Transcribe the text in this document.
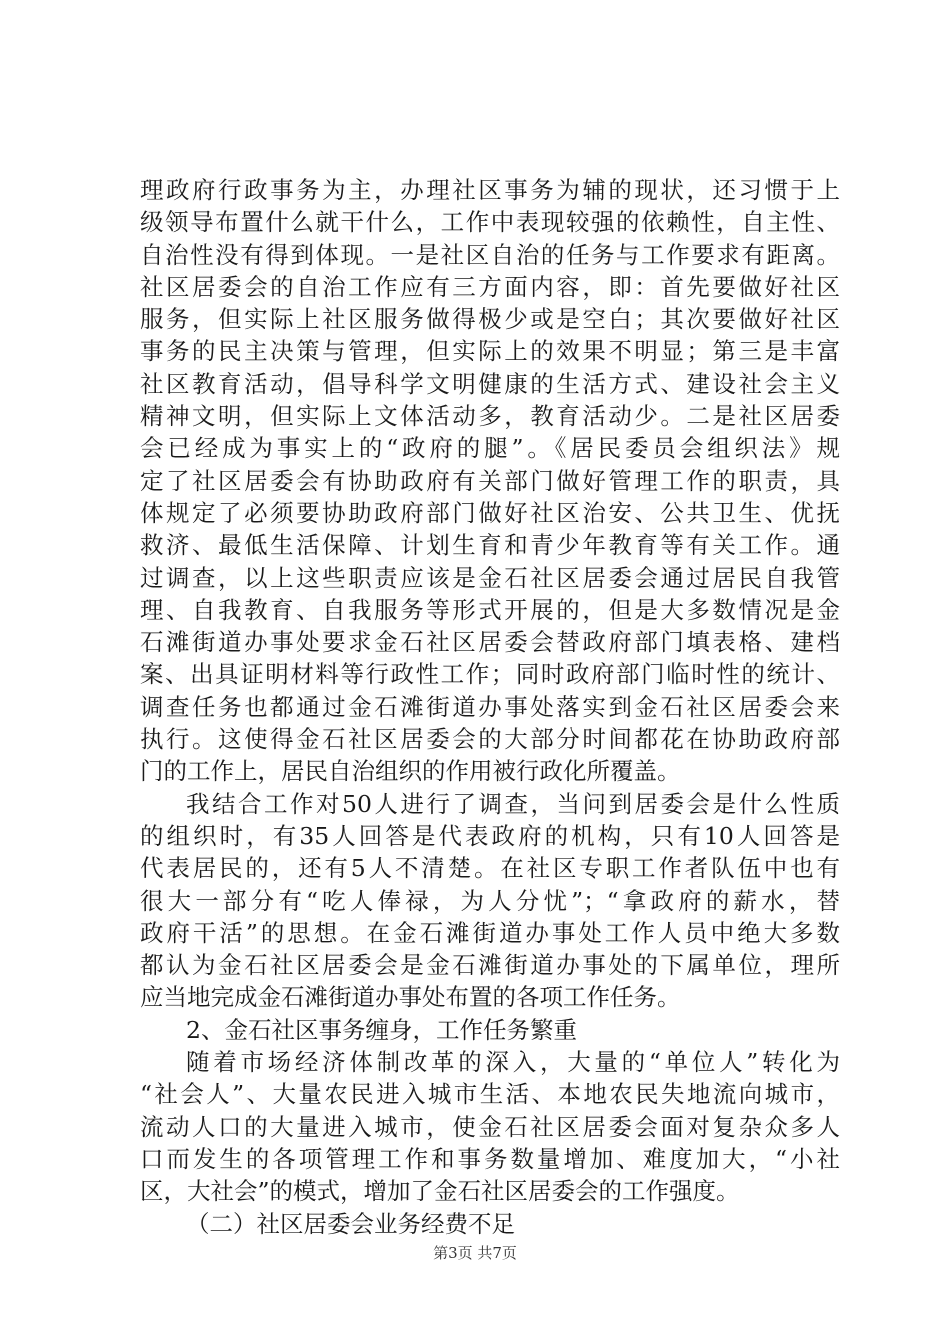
理政府行政事务为主，办理社区事务为辅的现状，还习惯于上
级领导布置什么就干什么，工作中表现较强的依赖性，自主性、
自治性没有得到体现。一是社区自治的任务与工作要求有距离。
社区居委会的自治工作应有三方面内容，即：首先要做好社区
服务，但实际上社区服务做得极少或是空白；其次要做好社区
事务的民主决策与管理，但实际上的效果不明显；第三是丰富
社区教育活动，倡导科学文明健康的生活方式、建设社会主义
精神文明，但实际上文体活动多，教育活动少。二是社区居委
会已经成为事实上的“政府的腿”。《居民委员会组织法》规
定了社区居委会有协助政府有关部门做好管理工作的职责，具
体规定了必须要协助政府部门做好社区治安、公共卫生、优抚
救济、最低生活保障、计划生育和青少年教育等有关工作。通
过调查，以上这些职责应该是金石社区居委会通过居民自我管
理、自我教育、自我服务等形式开展的，但是大多数情况是金
石滩街道办事处要求金石社区居委会替政府部门填表格、建档
案、出具证明材料等行政性工作；同时政府部门临时性的统计、
调查任务也都通过金石滩街道办事处落实到金石社区居委会来
执行。这使得金石社区居委会的大部分时间都花在协助政府部
门的工作上，居民自治组织的作用被行政化所覆盖。
我结合工作对50人进行了调查，当问到居委会是什么性质
的组织时，有35人回答是代表政府的机构，只有10人回答是
代表居民的，还有5人不清楚。在社区专职工作者队伍中也有
很大一部分有“吃人俸禄，为人分忧”；“拿政府的薪水，替
政府干活”的思想。在金石滩街道办事处工作人员中绝大多数
都认为金石社区居委会是金石滩街道办事处的下属单位，理所
应当地完成金石滩街道办事处布置的各项工作任务。
2、金石社区事务缠身，工作任务繁重
随着市场经济体制改革的深入，大量的“单位人”转化为
“社会人”、大量农民进入城市生活、本地农民失地流向城市，
流动人口的大量进入城市，使金石社区居委会面对复杂众多人
口而发生的各项管理工作和事务数量增加、难度加大，“小社
区，大社会”的模式，增加了金石社区居委会的工作强度。
（二）社区居委会业务经费不足
第3页 共7页
